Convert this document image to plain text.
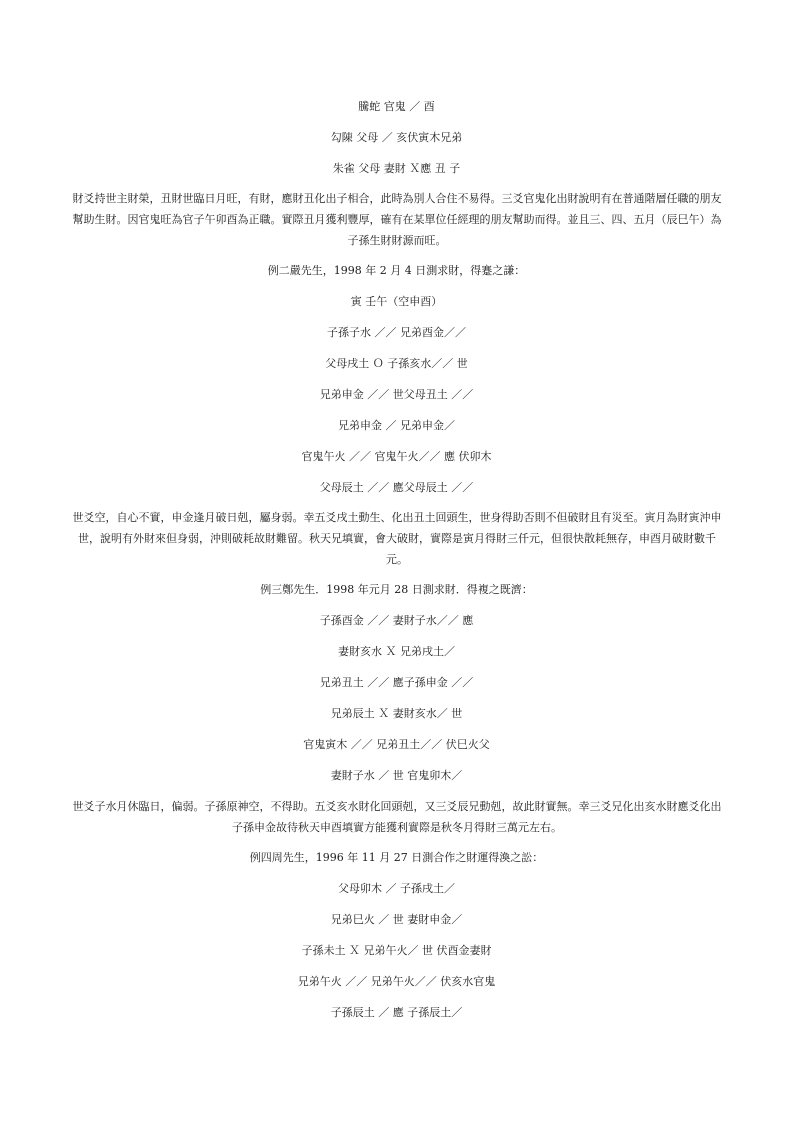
騰蛇 官鬼 ／ 酉
勾陳 父母 ／ 亥伏寅木兄弟
朱雀 父母 妻財 Ｘ應 丑 子
財爻持世主財榮，丑財世臨日月旺，有財，應財丑化出子相合，此時為別人合住不易得。三爻官鬼化出財說明有在普通階層任職的朋友幫助生財。因官鬼旺為官子午卯酉為正職。實際丑月獲利豐厚，確有在某單位任經理的朋友幫助而得。並且三、四、五月（辰巳午）為子孫生財財源而旺。
例二嚴先生，1998 年 2 月 4 日測求財，得蹇之謙：
寅 壬午（空申酉）
子孫子水 ／／ 兄弟酉金／／
父母戌土 Ｏ 子孫亥水／／ 世
兄弟申金 ／／ 世父母丑土 ／／
兄弟申金 ／ 兄弟申金／
官鬼午火 ／／ 官鬼午火／／ 應 伏卯木
父母辰土 ／／ 應父母辰土 ／／
世爻空，自心不實，申金逢月破日剋，屬身弱。幸五爻戌土動生、化出丑土回頭生，世身得助否則不但破財且有災至。寅月為財寅沖申世，說明有外財來但身弱，沖則破耗故財難留。秋天兄填實，會大破財，實際是寅月得財三仟元，但很快散耗無存，申酉月破財數千元。
例三鄭先生．1998 年元月 28 日測求財．得複之既濟：
子孫酉金 ／／ 妻財子水／／ 應
妻財亥水 Ｘ 兄弟戌土／
兄弟丑土 ／／ 應子孫申金 ／／
兄弟辰土 Ｘ 妻財亥水／ 世
官鬼寅木 ／／ 兄弟丑土／／ 伏巳火父
妻財子水 ／ 世 官鬼卯木／
世爻子水月休臨日，偏弱。子孫原神空，不得助。五爻亥水財化回頭剋，又三爻辰兄動剋，故此財實無。幸三爻兄化出亥水財應爻化出子孫申金故待秋天申酉填實方能獲利實際是秋冬月得財三萬元左右。
例四周先生，1996 年 11 月 27 日測合作之財運得渙之訟：
父母卯木 ／ 子孫戌土／
兄弟巳火 ／ 世 妻財申金／
子孫未土 Ｘ 兄弟午火／ 世 伏酉金妻財
兄弟午火 ／／ 兄弟午火／／ 伏亥水官鬼
子孫辰土 ／ 應 子孫辰土／
